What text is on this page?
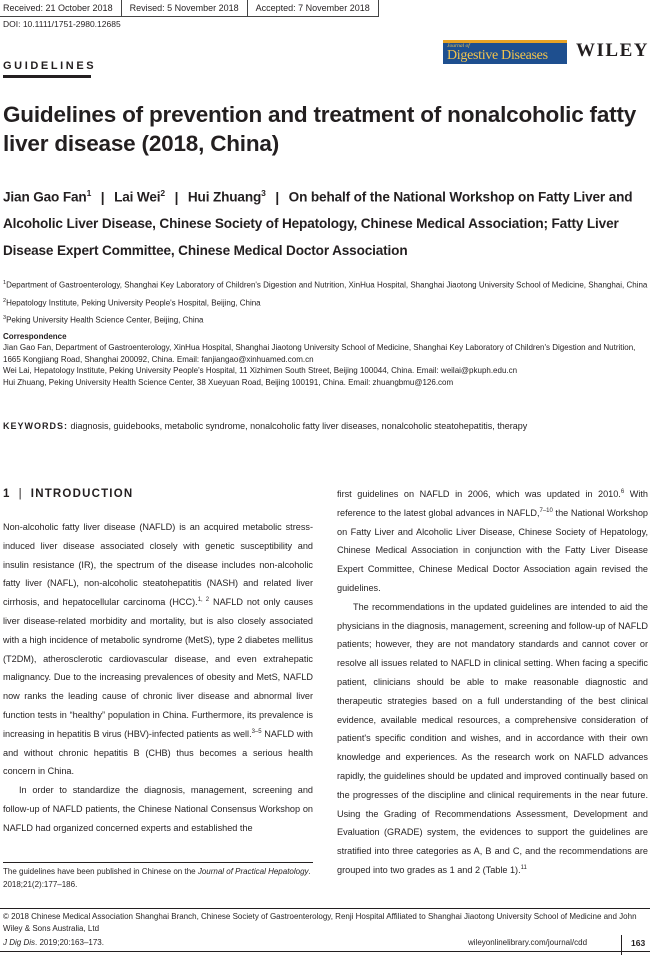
Received: 21 October 2018	Revised: 5 November 2018	Accepted: 7 November 2018
DOI: 10.1111/1751-2980.12685
Journal of
Digestive Diseases WILEY
GUIDELINES
Guidelines of prevention and treatment of nonalcoholic fatty liver disease (2018, China)
Jian Gao Fan$^1$ | Lai Wei$^2$ | Hui Zhuang$^3$ | On behalf of the National Workshop on Fatty Liver and Alcoholic Liver Disease, Chinese Society of Hepatology, Chinese Medical Association; Fatty Liver Disease Expert Committee, Chinese Medical Doctor Association

$^1$Department of Gastroenterology, Shanghai Key Laboratory of Children's Digestion and Nutrition, XinHua Hospital, Shanghai Jiaotong University School of Medicine, Shanghai, China

$^2$Hepatology Institute, Peking University People's Hospital, Beijing, China

$^3$Peking University Health Science Center, Beijing, China

Correspondence

Jian Gao Fan, Department of Gastroenterology, XinHua Hospital, Shanghai Jiaotong University School of Medicine, Shanghai Key Laboratory of Children's Digestion and Nutrition, 1665 Kongjiang Road, Shanghai 200092, China. Email: fanjiangao@xinhuamed.com.cn

Wei Lai, Hepatology Institute, Peking University People's Hospital, 11 Xizhimen South Street, Beijing 100044, China. Email: weilai@pkuph.edu.cn

Hui Zhuang, Peking University Health Science Center, 38 Xueyuan Road, Beijing 100191, China. Email: zhuangbmu@126.com

KEYWORDS: diagnosis, guidebooks, metabolic syndrome, nonalcoholic fatty liver diseases, nonalcoholic steatohepatitis, therapy
1 | INTRODUCTION

Non-alcoholic fatty liver disease (NAFLD) is an acquired metabolic stress-induced liver disease associated closely with genetic susceptibility and insulin resistance (IR), the spectrum of the disease includes non-alcoholic fatty liver (NAFL), non-alcoholic steatohepatitis (NASH) and related liver cirrhosis, and hepatocellular carcinoma (HCC).$^{1, 2}$ NAFLD not only causes liver disease-related morbidity and mortality, but is also closely associated with a high incidence of metabolic syndrome (MetS), type 2 diabetes mellitus (T2DM), atherosclerotic cardiovascular disease, and even extrahepatic malignancy. Due to the increasing prevalences of obesity and MetS, NAFLD now ranks the leading cause of chronic liver disease and abnormal liver function tests in “healthy” population in China. Furthermore, its prevalence is increasing in hepatitis B virus (HBV)-infected patients as well.$^{3-5}$ NAFLD with and without chronic hepatitis B (CHB) thus becomes a serious health concern in China.

In order to standardize the diagnosis, management, screening and follow-up of NAFLD patients, the Chinese National Consensus Workshop on NAFLD had organized concerned experts and established the

The guidelines have been published in Chinese on the Journal of Practical Hepatology. 2018;21(2):177–186.

first guidelines on NAFLD in 2006, which was updated in 2010.$^6$ With reference to the latest global advances in NAFLD,$^{7-10}$ the National Workshop on Fatty Liver and Alcoholic Liver Disease, Chinese Society of Hepatology, Chinese Medical Association in conjunction with the Fatty Liver Disease Expert Committee, Chinese Medical Doctor Association again revised the guidelines.

The recommendations in the updated guidelines are intended to aid the physicians in the diagnosis, management, screening and follow-up of NAFLD patients; however, they are not mandatory standards and cannot cover or resolve all issues related to NAFLD in clinical setting. When facing a specific patient, clinicians should be able to make reasonable diagnostic and therapeutic strategies based on a full understanding of the best clinical evidence, available medical resources, a comprehensive consideration of patient's specific condition and wishes, and in accordance with their own knowledge and experiences. As the research work on NAFLD advances rapidly, the guidelines should be updated and improved continually based on the progresses of the discipline and clinical requirements in the near future. Using the Grading of Recommendations Assessment, Development and Evaluation (GRADE) system, the evidences to support the guidelines are stratified into three categories as A, B and C, and the recommendations are grouped into two grades as 1 and 2 (Table 1).$^{11}$

© 2018 Chinese Medical Association Shanghai Branch, Chinese Society of Gastroenterology, Renji Hospital Affiliated to Shanghai Jiaotong University School of Medicine and John Wiley & Sons Australia, Ltd
J Dig Dis. 2019;20:163–173.	wileyonlinelibrary.com/journal/cdd	163
